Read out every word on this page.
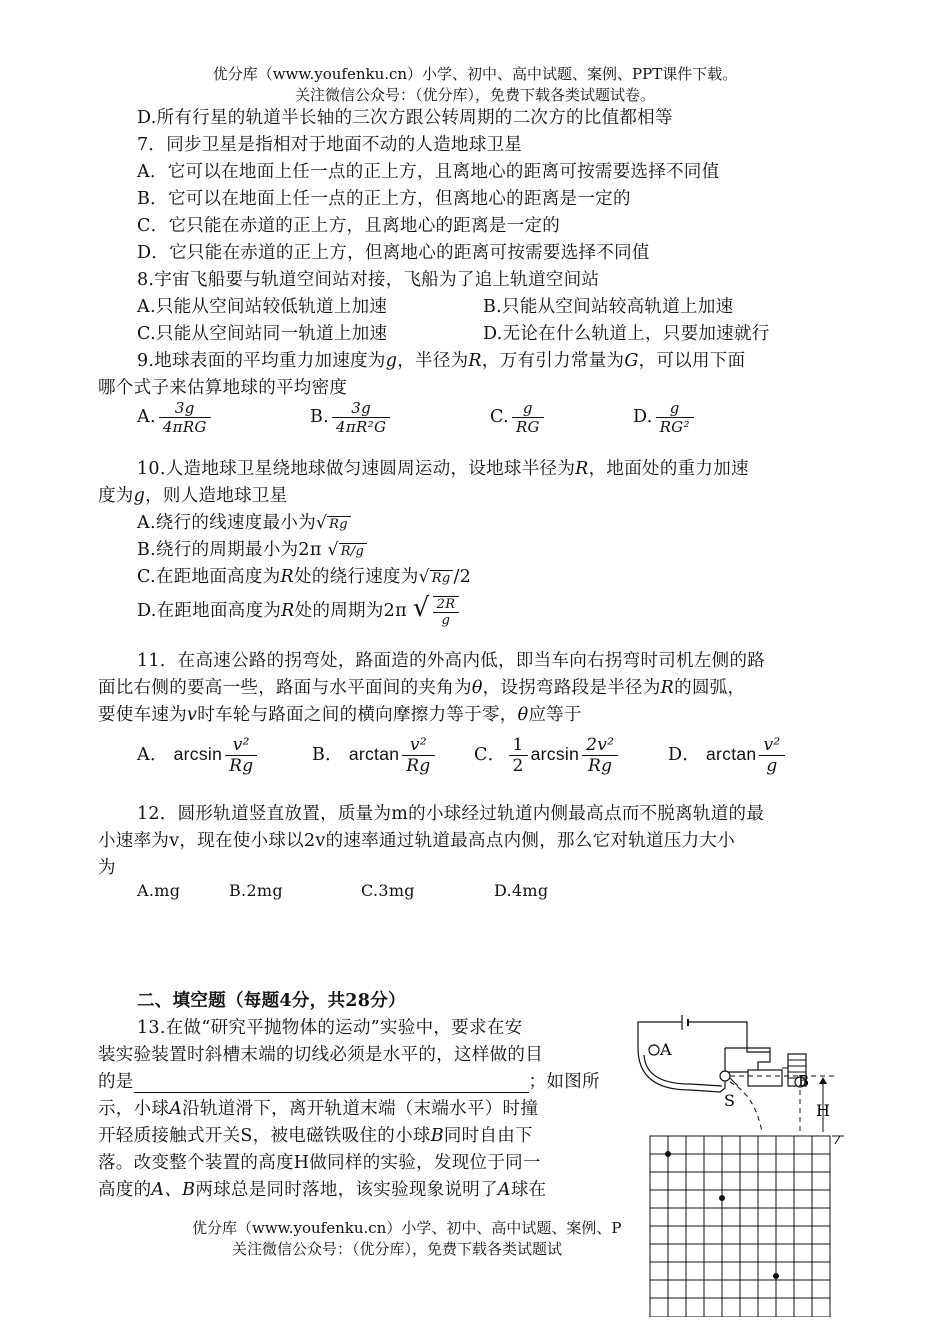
优分库（www.youfenku.cn）小学、初中、高中试题、案例、PPT课件下载。
关注微信公众号：（优分库），免费下载各类试题试卷。
D.所有行星的轨道半长轴的三次方跟公转周期的二次方的比值都相等
7．同步卫星是指相对于地面不动的人造地球卫星
A．它可以在地面上任一点的正上方，且离地心的距离可按需要选择不同值
B．它可以在地面上任一点的正上方，但离地心的距离是一定的
C．它只能在赤道的正上方，且离地心的距离是一定的
D．它只能在赤道的正上方，但离地心的距离可按需要选择不同值
8.宇宙飞船要与轨道空间站对接，飞船为了追上轨道空间站
A.只能从空间站较低轨道上加速	B.只能从空间站较高轨道上加速
C.只能从空间站同一轨道上加速	D.无论在什么轨道上，只要加速就行
9.地球表面的平均重力加速度为g，半径为R，万有引力常量为G，可以用下面
哪个式子来估算地球的平均密度
A. $\frac{3g}{\text{4πRG}}$	B. $\frac{3g}{\text{4πR²G}}$	C. $\frac{g}{RG}$	D. $\frac{g}{\text{RG²}}$
10.人造地球卫星绕地球做匀速圆周运动，设地球半径为R，地面处的重力加速
度为g，则人造地球卫星
A.绕行的线速度最小为√ Rg
B.绕行的周期最小为2π √ R/g
C.在距地面高度为R处的绕行速度为√ Rg /2
D.在距地面高度为R处的周期为2π √ $\frac{2R}{g}$
11．在高速公路的拐弯处，路面造的外高内低，即当车向右拐弯时司机左侧的路
面比右侧的要高一些，路面与水平面间的夹角为θ，设拐弯路段是半径为R的圆弧，
要使车速为v时车轮与路面之间的横向摩擦力等于零，θ应等于
A． $\arcsin \frac{\text{v²}}{Rg}$	B． $\arctan \frac{\text{v²}}{Rg}$ C． $\frac{1}{2}$ $\arcsin \frac{\text{2v²}}{Rg}$	D． $\arctan \frac{\text{v²}}{g}$
12．圆形轨道竖直放置，质量为m的小球经过轨道内侧最高点而不脱离轨道的最
小速率为v，现在使小球以2v的速率通过轨道最高点内侧，那么它对轨道压力大小
为
A.mg	B.2mg	C.3mg	D.4mg
二、填空题（每题4分，共28分）
13.在做“研究平抛物体的运动”实验中，要求在安
装实验装置时斜槽末端的切线必须是水平的，这样做的目
的是	；如图所
示，小球A沿轨道滑下，离开轨道末端（末端水平）时撞
开轻质接触式开关S，被电磁铁吸住的小球B同时自由下
落。改变整个装置的高度H做同样的实验，发现位于同一
高度的A、B两球总是同时落地，该实验现象说明了A球在
优分库（www.youfenku.cn）小学、初中、高中试题、案例、P
关注微信公众号：（优分库），免费下载各类试题试
A
S
B
H
